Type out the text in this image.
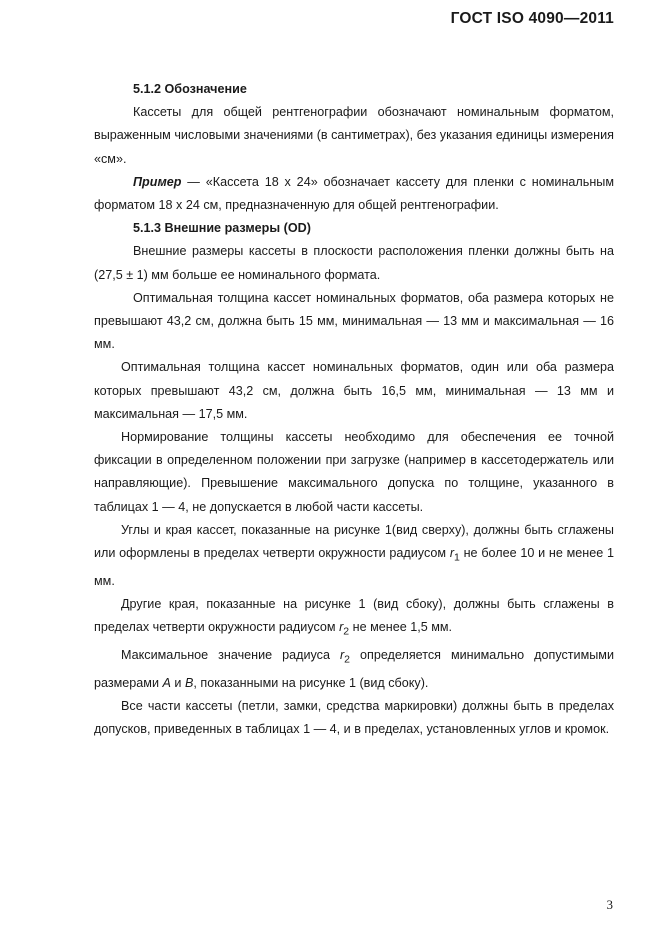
ГОСТ ISO 4090—2011

5.1.2 Обозначение

Кассеты для общей рентгенографии обозначают номинальным форматом, выраженным числовыми значениями (в сантиметрах), без указания единицы измерения «см».

Пример — «Кассета 18 х 24» обозначает кассету для пленки с номинальным форматом 18 х 24 см, предназначенную для общей рентгенографии.

5.1.3 Внешние размеры (OD)

Внешние размеры кассеты в плоскости расположения пленки должны быть на (27,5 ± 1) мм больше ее номинального формата.

Оптимальная толщина кассет номинальных форматов, оба размера которых не превышают 43,2 см, должна быть 15 мм, минимальная — 13 мм и максимальная — 16 мм.

Оптимальная толщина кассет номинальных форматов, один или оба размера которых превышают 43,2 см, должна быть 16,5 мм, минимальная — 13 мм и максимальная — 17,5 мм.

Нормирование толщины кассеты необходимо для обеспечения ее точной фиксации в определенном положении при загрузке (например в кассетодержатель или направляющие). Превышение максимального допуска по толщине, указанного в таблицах 1 — 4, не допускается в любой части кассеты.

Углы и края кассет, показанные на рисунке 1(вид сверху), должны быть сглажены или оформлены в пределах четверти окружности радиусом $r_1$ не более 10 и не менее 1 мм.

Другие края, показанные на рисунке 1 (вид сбоку), должны быть сглажены в пределах четверти окружности радиусом $r_2$ не менее 1,5 мм.

Максимальное значение радиуса $r_2$ определяется минимально допустимыми размерами A и B, показанными на рисунке 1 (вид сбоку).

Все части кассеты (петли, замки, средства маркировки) должны быть в пределах допусков, приведенных в таблицах 1 — 4, и в пределах, установленных углов и кромок.

3
